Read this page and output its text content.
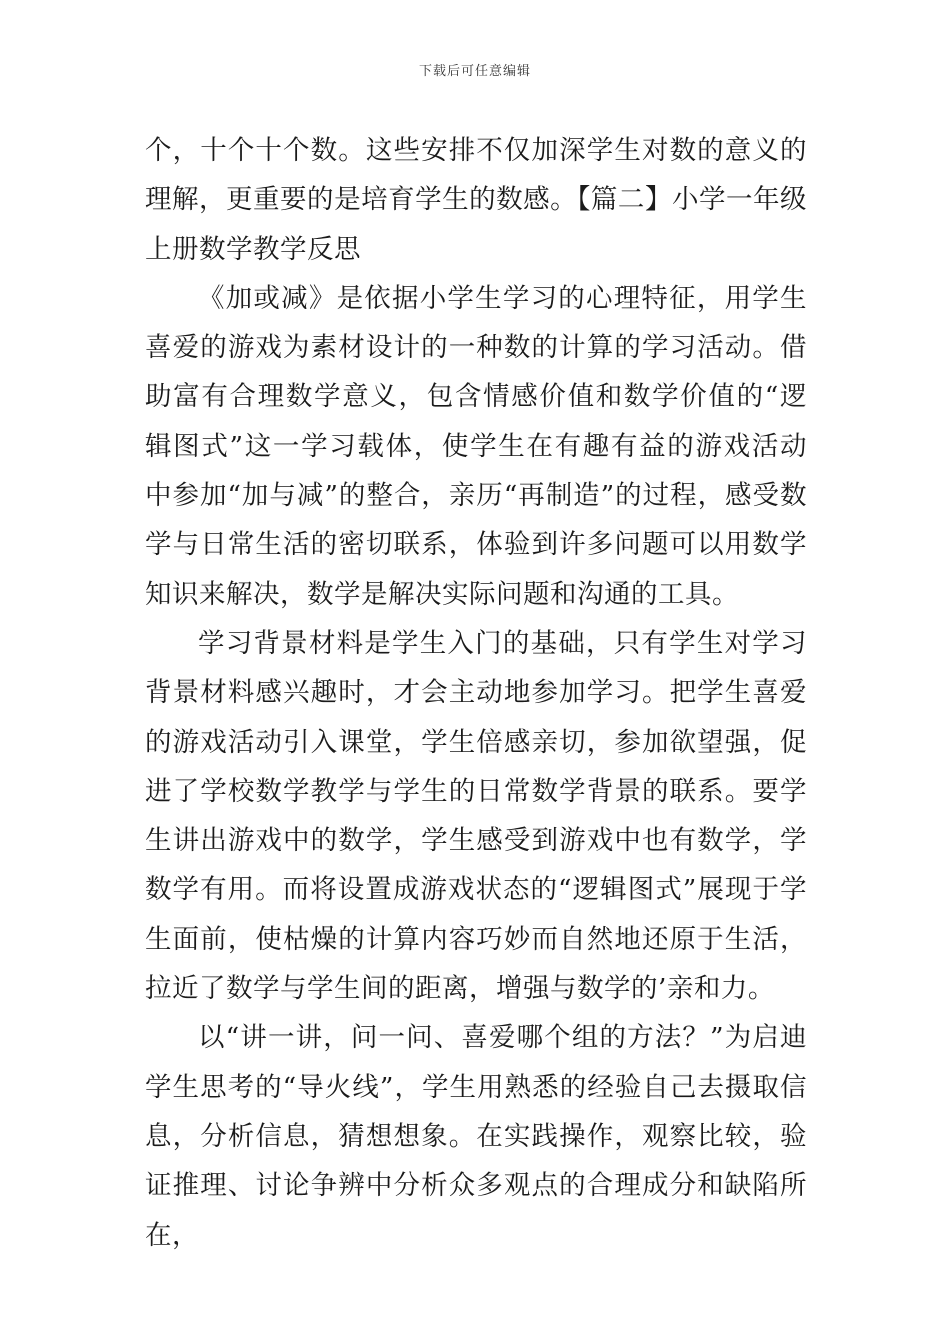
下载后可任意编辑

个，十个十个数。这些安排不仅加深学生对数的意义的理解，更重要的是培育学生的数感。【篇二】小学一年级上册数学教学反思

《加或减》是依据小学生学习的心理特征，用学生喜爱的游戏为素材设计的一种数的计算的学习活动。借助富有合理数学意义，包含情感价值和数学价值的“逻辑图式”这一学习载体，使学生在有趣有益的游戏活动中参加“加与减”的整合，亲历“再制造”的过程，感受数学与日常生活的密切联系，体验到许多问题可以用数学知识来解决，数学是解决实际问题和沟通的工具。

学习背景材料是学生入门的基础，只有学生对学习背景材料感兴趣时，才会主动地参加学习。把学生喜爱的游戏活动引入课堂，学生倍感亲切，参加欲望强，促进了学校数学教学与学生的日常数学背景的联系。要学生讲出游戏中的数学，学生感受到游戏中也有数学，学数学有用。而将设置成游戏状态的“逻辑图式”展现于学生面前，使枯燥的计算内容巧妙而自然地还原于生活，拉近了数学与学生间的距离，增强与数学的’亲和力。

以“讲一讲，问一问、喜爱哪个组的方法？”为启迪学生思考的“导火线”，学生用熟悉的经验自己去摄取信息，分析信息，猜想想象。在实践操作，观察比较，验证推理、讨论争辨中分析众多观点的合理成分和缺陷所在，
